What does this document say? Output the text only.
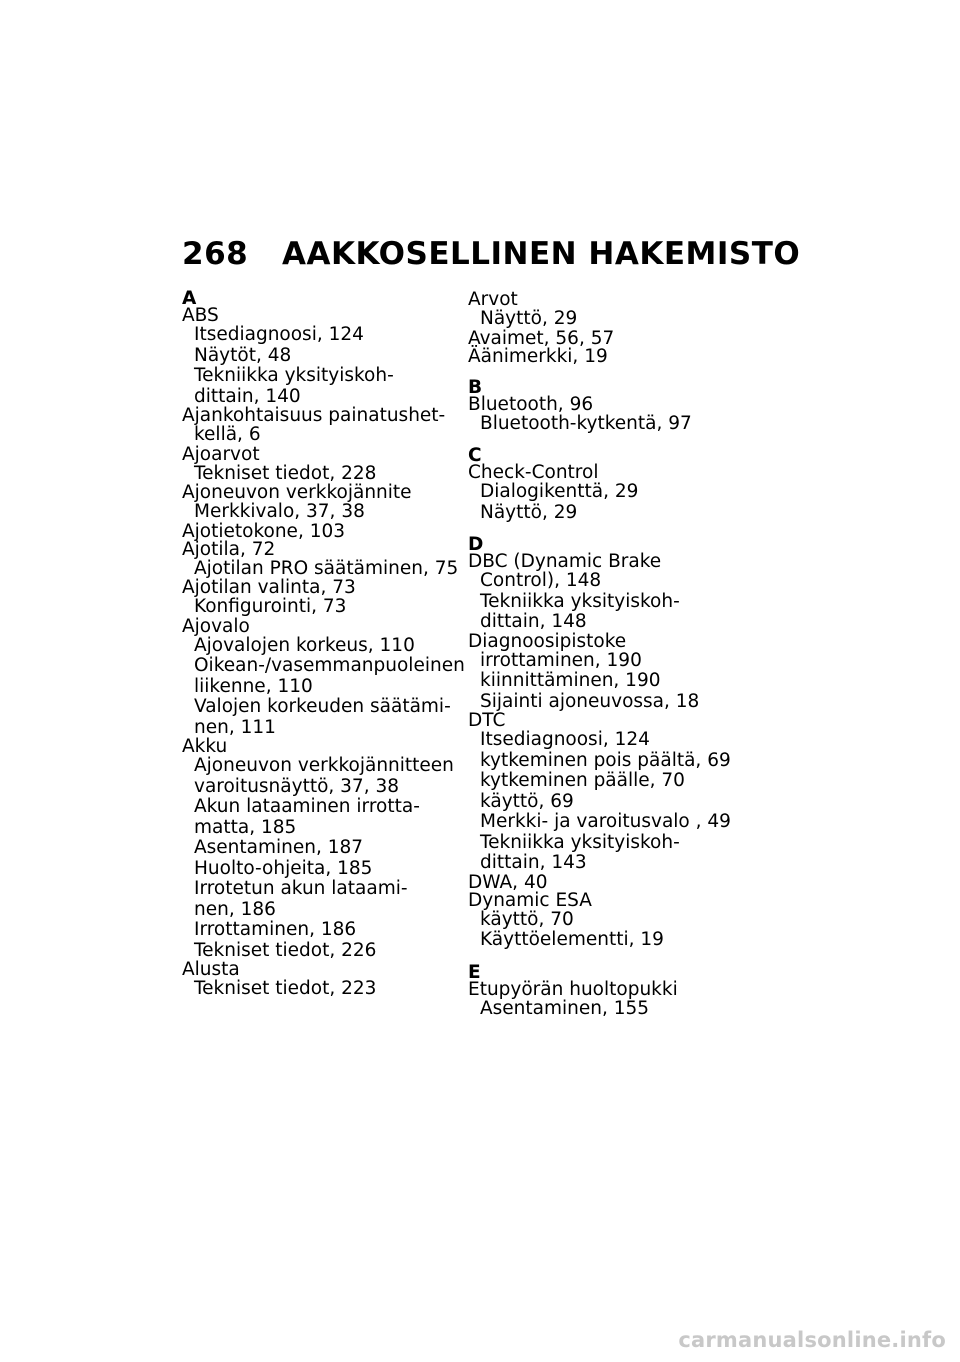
268 AAKKOSELLINEN HAKEMISTO
A
ABS
Itsediagnoosi, 124
Näytöt, 48
Tekniikka yksityiskoh-
dittain, 140
Ajankohtaisuus painatushet-
kellä, 6
Ajoarvot
Tekniset tiedot, 228
Ajoneuvon verkkojännite
Merkkivalo, 37, 38
Ajotietokone, 103
Ajotila, 72
Ajotilan PRO säätäminen, 75
Ajotilan valinta, 73
Konfigurointi, 73
Ajovalo
Ajovalojen korkeus, 110
Oikean-/vasemmanpuoleinen
liikenne, 110
Valojen korkeuden säätämi-
nen, 111
Akku
Ajoneuvon verkkojännitteen
varoitusnäyttö, 37, 38
Akun lataaminen irrotta-
matta, 185
Asentaminen, 187
Huolto-ohjeita, 185
Irrotetun akun lataami-
nen, 186
Irrottaminen, 186
Tekniset tiedot, 226
Alusta
Tekniset tiedot, 223
Arvot
Näyttö, 29
Avaimet, 56, 57
Äänimerkki, 19
B
Bluetooth, 96
Bluetooth-kytkentä, 97
C
Check-Control
Dialogikenttä, 29
Näyttö, 29
D
DBC (Dynamic Brake
Control), 148
Tekniikka yksityiskoh-
dittain, 148
Diagnoosipistoke
irrottaminen, 190
kiinnittäminen, 190
Sijainti ajoneuvossa, 18
DTC
Itsediagnoosi, 124
kytkeminen pois päältä, 69
kytkeminen päälle, 70
käyttö, 69
Merkki- ja varoitusvalo , 49
Tekniikka yksityiskoh-
dittain, 143
DWA, 40
Dynamic ESA
käyttö, 70
Käyttöelementti, 19
E
Etupyörän huoltopukki
Asentaminen, 155
carmanualsonline.info
